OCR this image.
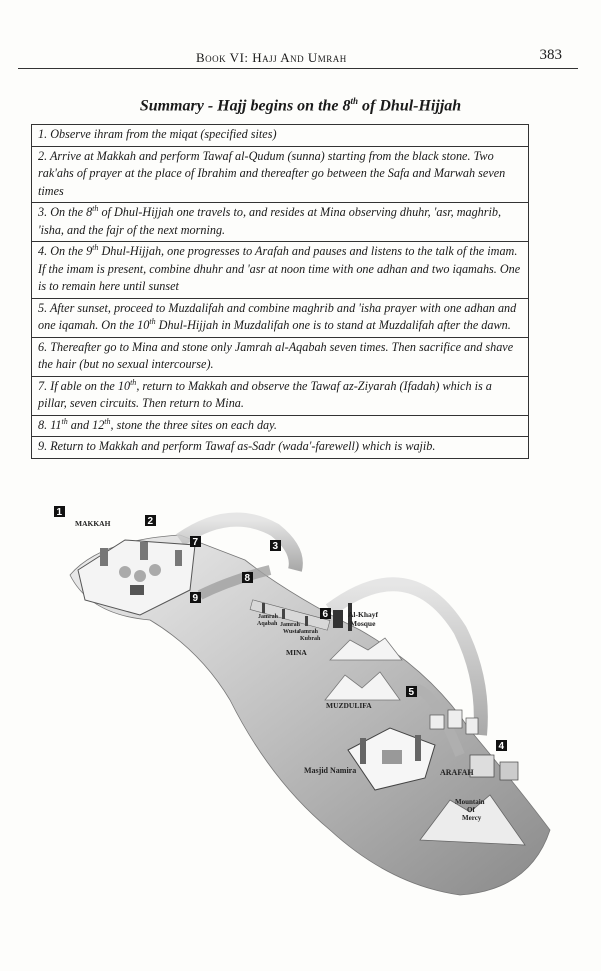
Book VI: Hajj And Umrah	383
Summary - Hajj begins on the 8th of Dhul-Hijjah
1. Observe ihram from the miqat (specified sites)
2. Arrive at Makkah and perform Tawaf al-Qudum (sunna) starting from the black stone. Two rak'ahs of prayer at the place of Ibrahim and thereafter go between the Safa and Marwah seven times
3. On the 8th of Dhul-Hijjah one travels to, and resides at Mina observing dhuhr, 'asr, maghrib, 'isha, and the fajr of the next morning.
4. On the 9th Dhul-Hijjah, one progresses to Arafah and pauses and listens to the talk of the imam. If the imam is present, combine dhuhr and 'asr at noon time with one adhan and two iqamahs. One is to remain here until sunset
5. After sunset, proceed to Muzdalifah and combine maghrib and 'isha prayer with one adhan and one iqamah. On the 10th Dhul-Hijjah in Muzdalifah one is to stand at Muzdalifah after the dawn.
6. Thereafter go to Mina and stone only Jamrah al-Aqabah seven times. Then sacrifice and shave the hair (but no sexual intercourse).
7. If able on the 10th, return to Makkah and observe the Tawaf az-Ziyarah (Ifadah) which is a pillar, seven circuits. Then return to Mina.
8. 11th and 12th, stone the three sites on each day.
9. Return to Makkah and perform Tawaf as-Sadr (wada'-farewell) which is wajib.
MAKKAH
Al-Khayf
Mosque
Jamrah
Aqabah Jamrah
Wusta
Jamrah
Kubrah
MINA
MUZDULIFA
Masjid Namira	ARAFAH
Mountain
Of
Mercy
1
2
3
4
5
6
7
8
9
